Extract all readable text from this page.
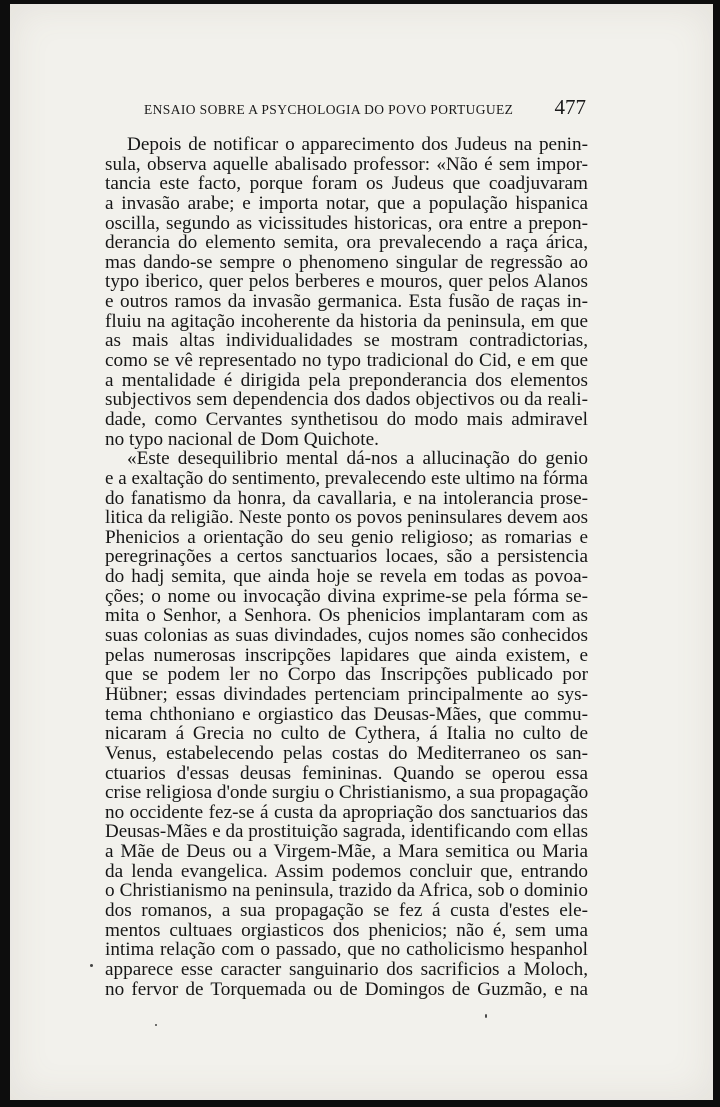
ENSAIO SOBRE A PSYCHOLOGIA DO POVO PORTUGUEZ 477
Depois de notificar o apparecimento dos Judeus na penin-
sula, observa aquelle abalisado professor: «Não é sem impor-
tancia este facto, porque foram os Judeus que coadjuvaram
a invasão arabe; e importa notar, que a população hispanica
oscilla, segundo as vicissitudes historicas, ora entre a prepon-
derancia do elemento semita, ora prevalecendo a raça árica,
mas dando-se sempre o phenomeno singular de regressão ao
typo iberico, quer pelos berberes e mouros, quer pelos Alanos
e outros ramos da invasão germanica. Esta fusão de raças in-
fluiu na agitação incoherente da historia da peninsula, em que
as mais altas individualidades se mostram contradictorias,
como se vê representado no typo tradicional do Cid, e em que
a mentalidade é dirigida pela preponderancia dos elementos
subjectivos sem dependencia dos dados objectivos ou da reali-
dade, como Cervantes synthetisou do modo mais admiravel
no typo nacional de Dom Quichote.
«Este desequilibrio mental dá-nos a allucinação do genio
e a exaltação do sentimento, prevalecendo este ultimo na fórma
do fanatismo da honra, da cavallaria, e na intolerancia prose-
litica da religião. Neste ponto os povos peninsulares devem aos
Phenicios a orientação do seu genio religioso; as romarias e
peregrinações a certos sanctuarios locaes, são a persistencia
do hadj semita, que ainda hoje se revela em todas as povoa-
ções; o nome ou invocação divina exprime-se pela fórma se-
mita o Senhor, a Senhora. Os phenicios implantaram com as
suas colonias as suas divindades, cujos nomes são conhecidos
pelas numerosas inscripções lapidares que ainda existem, e
que se podem ler no Corpo das Inscripções publicado por
Hübner; essas divindades pertenciam principalmente ao sys-
tema chthoniano e orgiastico das Deusas-Mães, que commu-
nicaram á Grecia no culto de Cythera, á Italia no culto de
Venus, estabelecendo pelas costas do Mediterraneo os san-
ctuarios d'essas deusas femininas. Quando se operou essa
crise religiosa d'onde surgiu o Christianismo, a sua propagação
no occidente fez-se á custa da apropriação dos sanctuarios das
Deusas-Mães e da prostituição sagrada, identificando com ellas
a Mãe de Deus ou a Virgem-Mãe, a Mara semitica ou Maria
da lenda evangelica. Assim podemos concluir que, entrando
o Christianismo na peninsula, trazido da Africa, sob o dominio
dos romanos, a sua propagação se fez á custa d'estes ele-
mentos cultuaes orgiasticos dos phenicios; não é, sem uma
intima relação com o passado, que no catholicismo hespanhol
apparece esse caracter sanguinario dos sacrificios a Moloch,
no fervor de Torquemada ou de Domingos de Guzmão, e na
